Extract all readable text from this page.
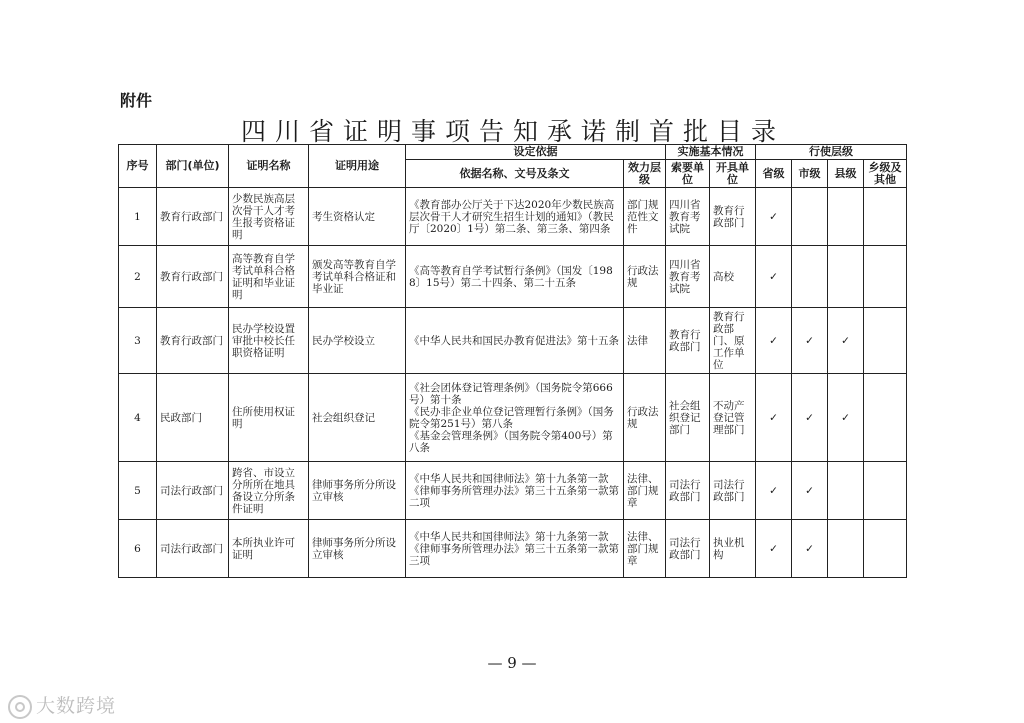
附件
四川省证明事项告知承诺制首批目录
序号	部门(单位)	证明名称	证明用途	设定依据		实施基本情况		行使层级			
				依据名称、文号及条文	效力层级	索要单位	开具单位	省级	市级	县级	乡级及其他
1	教育行政部门	少数民族高层次骨干人才考生报考资格证明	考生资格认定	《教育部办公厅关于下达2020年少数民族高层次骨干人才研究生招生计划的通知》（教民厅〔2020〕1号）第二条、第三条、第四条	部门规范性文件	四川省教育考试院	教育行政部门	✓			
2	教育行政部门	高等教育自学考试单科合格证明和毕业证明	颁发高等教育自学考试单科合格证和毕业证	《高等教育自学考试暂行条例》（国发〔1988〕15号）第二十四条、第二十五条	行政法规	四川省教育考试院	高校	✓			
3	教育行政部门	民办学校设置审批中校长任职资格证明	民办学校设立	《中华人民共和国民办教育促进法》第十五条	法律	教育行政部门	教育行政部门、原工作单位	✓	✓	✓	
4	民政部门	住所使用权证明	社会组织登记	《社会团体登记管理条例》（国务院令第666号）第十条
《民办非企业单位登记管理暂行条例》（国务院令第251号）第八条
《基金会管理条例》（国务院令第400号）第八条	行政法规	社会组织登记部门	不动产登记管理部门	✓	✓	✓	
5	司法行政部门	跨省、市设立分所所在地具备设立分所条件证明	律师事务所分所设立审核	《中华人民共和国律师法》第十九条第一款
《律师事务所管理办法》第三十五条第一款第二项	法律、部门规章	司法行政部门	司法行政部门	✓	✓		
6	司法行政部门	本所执业许可证明	律师事务所分所设立审核	《中华人民共和国律师法》第十九条第一款
《律师事务所管理办法》第三十五条第一款第三项	法律、部门规章	司法行政部门	执业机构	✓	✓		
— 9 —
大数跨境
